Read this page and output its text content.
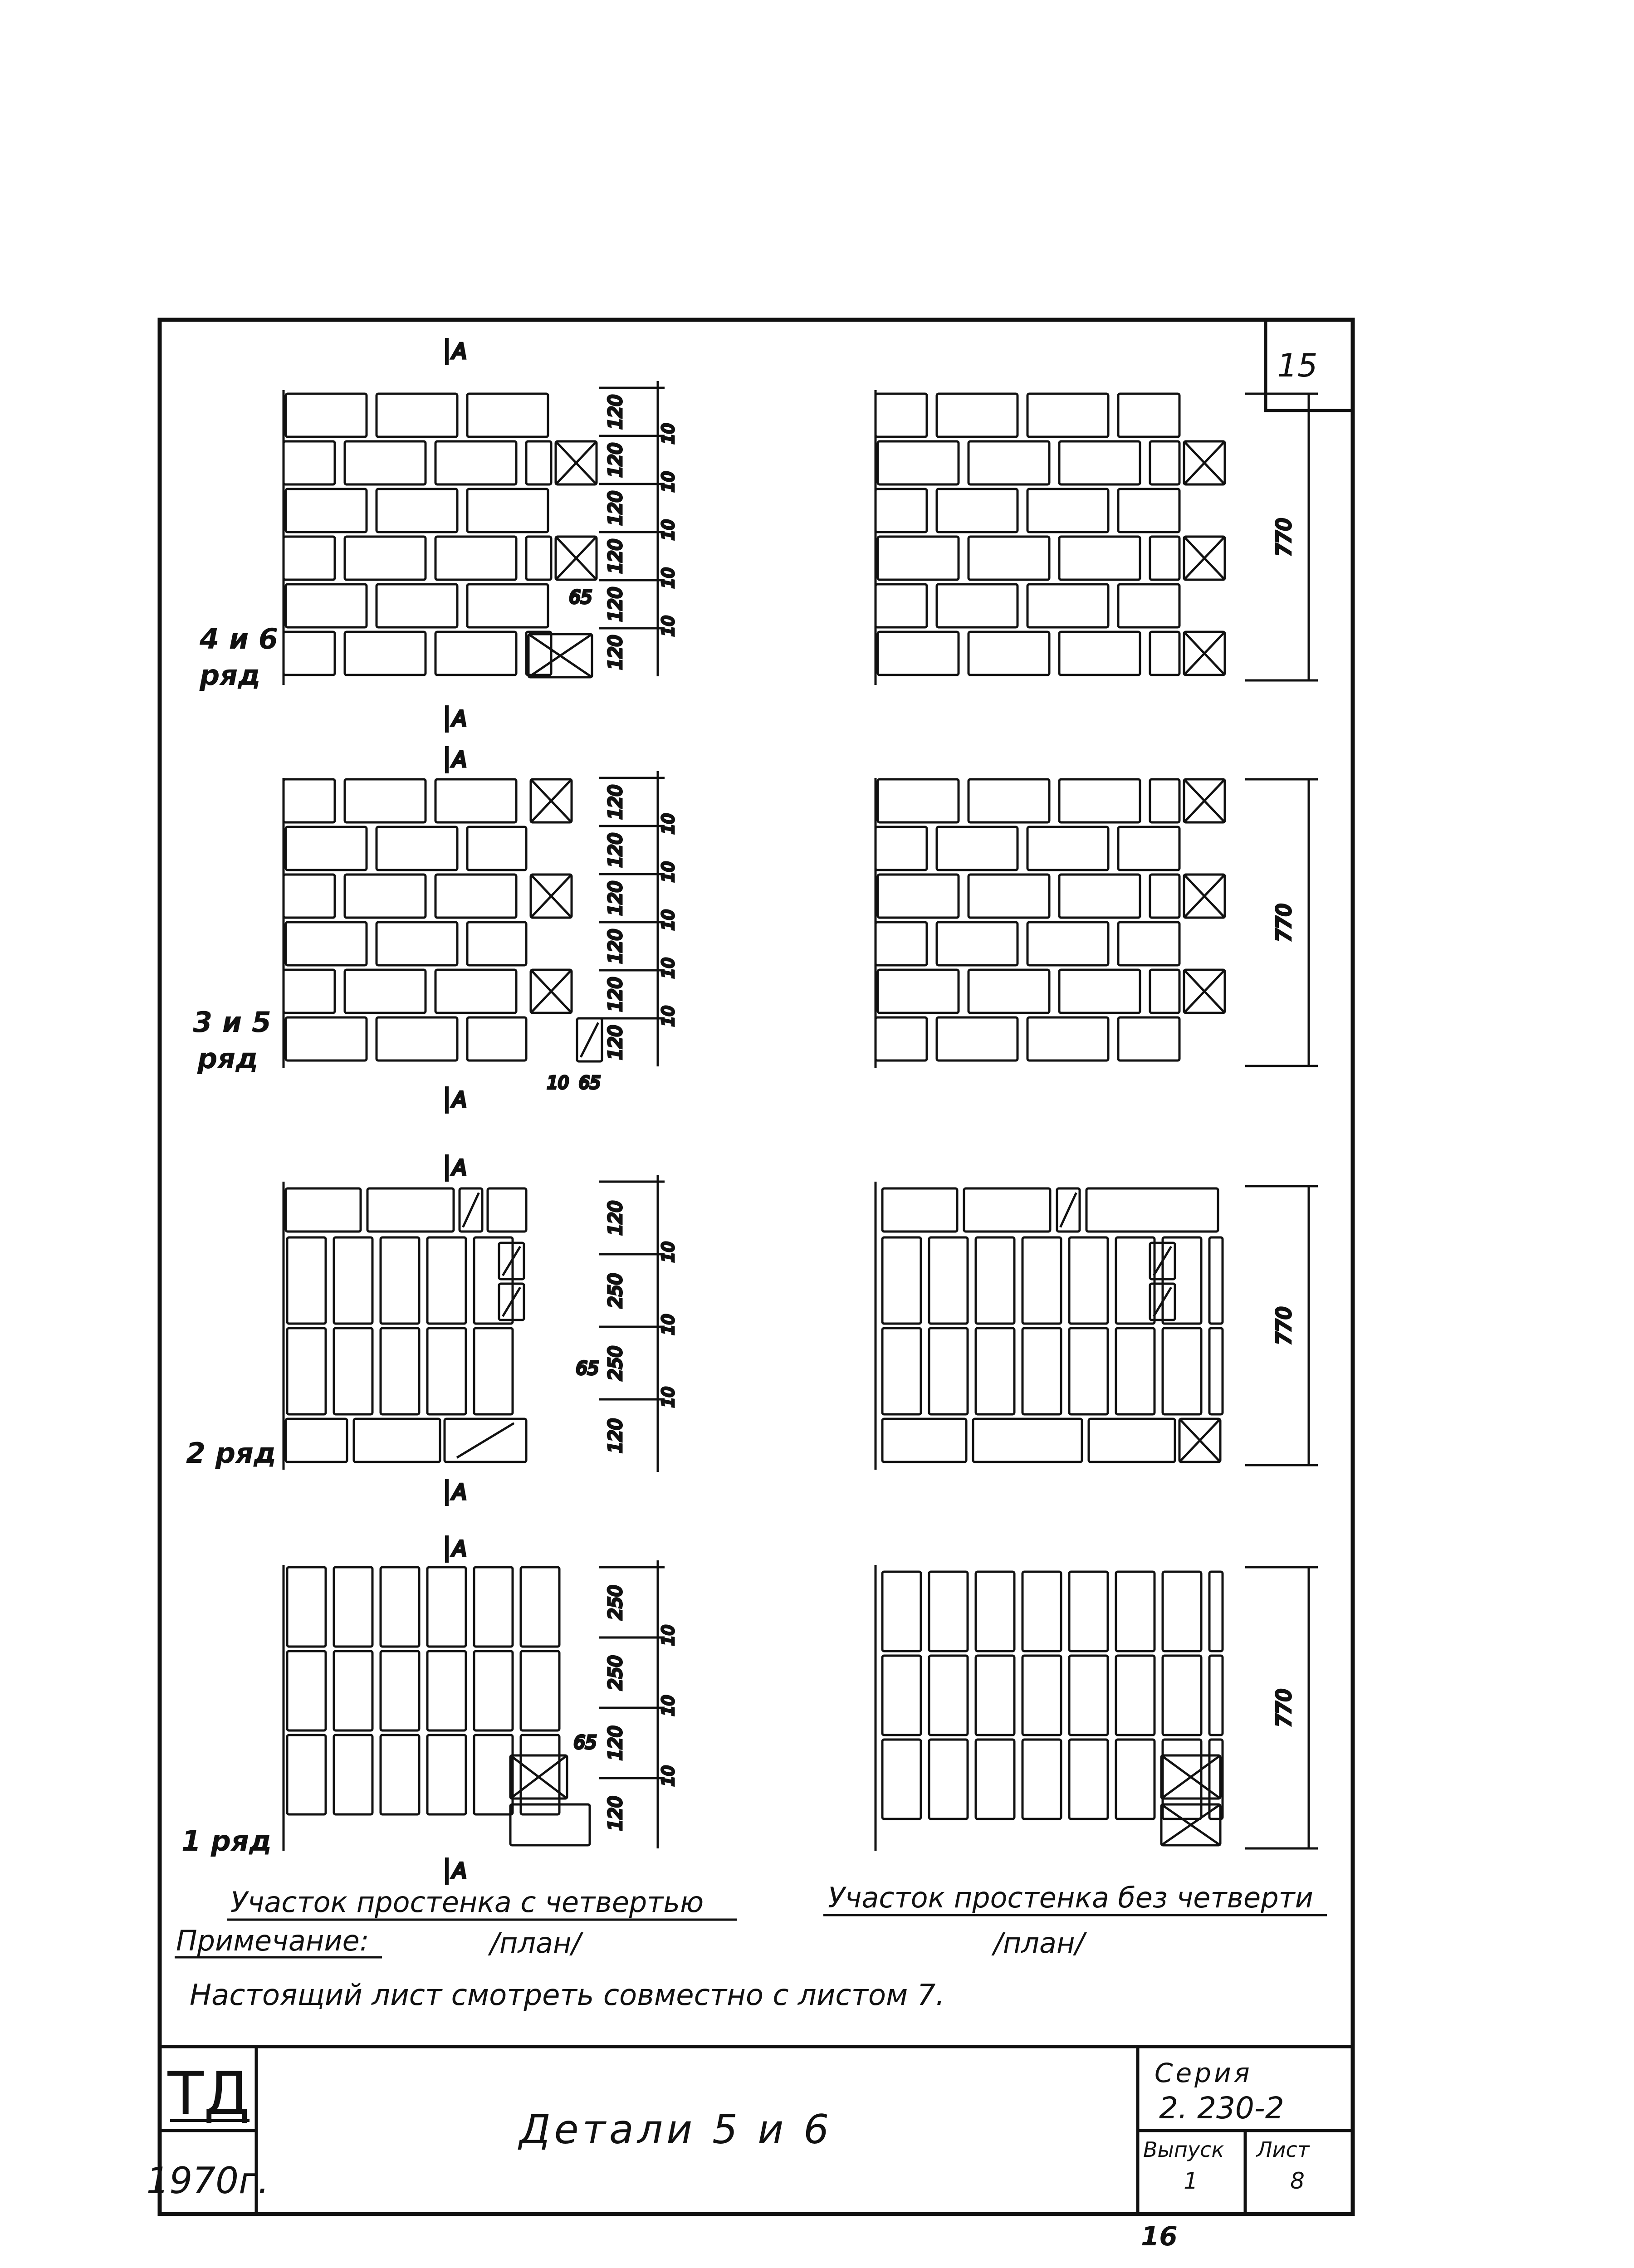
120
10
120
10
120
10
120
10
120
10
120
65
A
A
770
120
10
120
10
120
10
120
10
120
10
120
10 65
A
A
770
120
10
250
10
250
10
120
65
A
A
770
250
10
250
10
120
10
120
65
A
A
770
15
4 и 6
ряд
3 и 5
ряд
2 ряд
1 ряд
Участок простенка с четвертью	Участок простенка без четверти
/план/	/план/
Примечание:
Настоящий лист смотреть совместно с листом 7.
ТД
1970г.
Детали 5 и 6
Серия
2. 230-2
Выпуск
1
Лист
8
16
